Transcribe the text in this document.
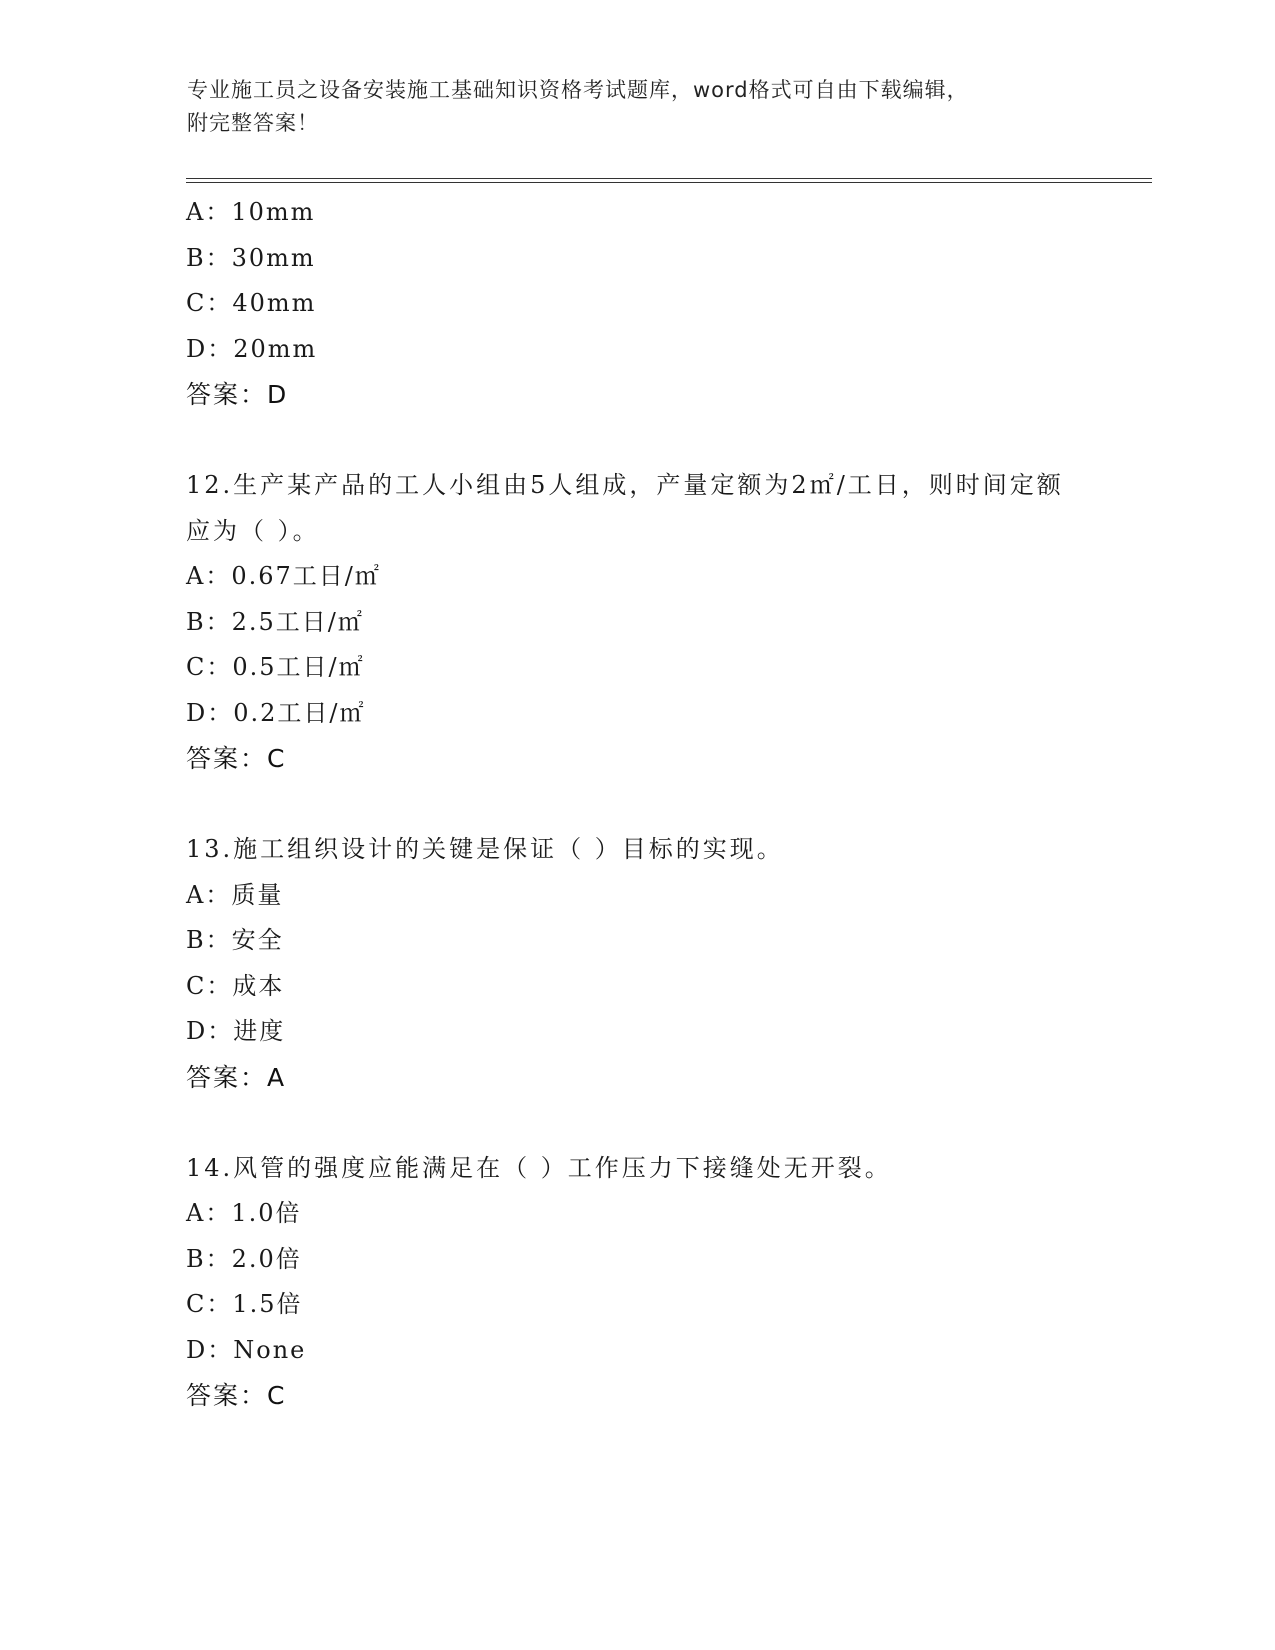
专业施工员之设备安装施工基础知识资格考试题库，word格式可自由下载编辑，
附完整答案！
A：10mm
B：30mm
C：40mm
D：20mm
答案：D
12.生产某产品的工人小组由5人组成，产量定额为2㎡/工日，则时间定额应为（ ）。
A：0.67工日/㎡
B：2.5工日/㎡
C：0.5工日/㎡
D：0.2工日/㎡
答案：C
13.施工组织设计的关键是保证（ ）目标的实现。
A：质量
B：安全
C：成本
D：进度
答案：A
14.风管的强度应能满足在（ ）工作压力下接缝处无开裂。
A：1.0倍
B：2.0倍
C：1.5倍
D：None
答案：C
